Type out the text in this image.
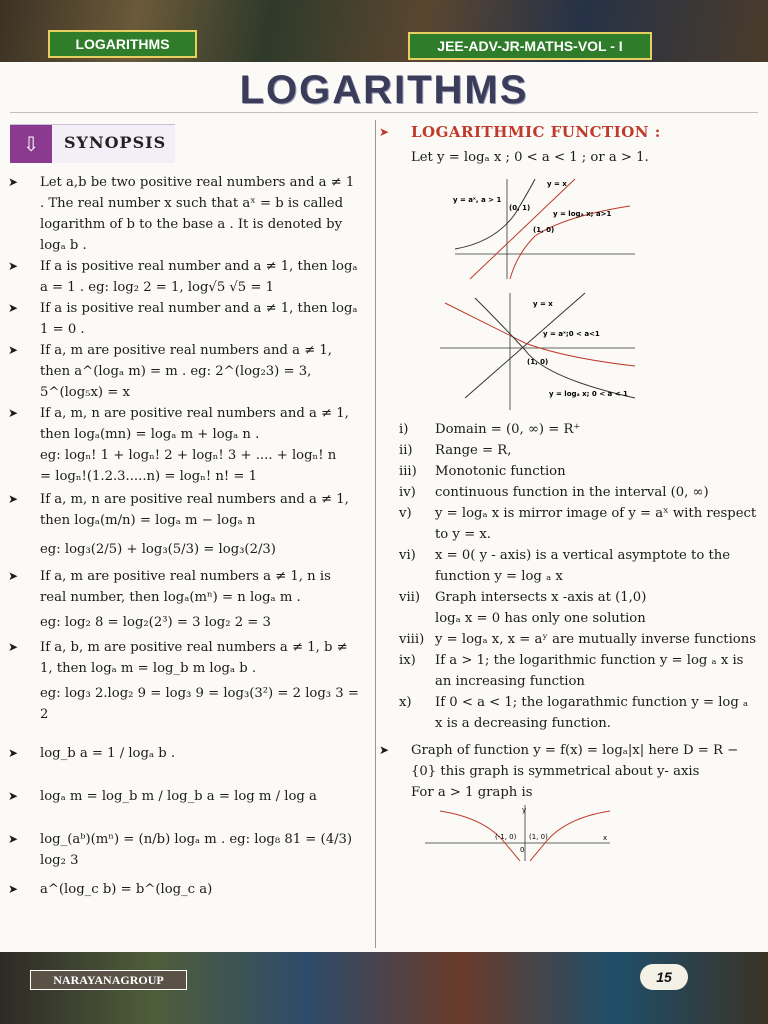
LOGARITHMS	JEE-ADV-JR-MATHS-VOL - I
LOGARITHMS
⇩	SYNOPSIS
➤ Let a,b be two positive real numbers and a ≠ 1 . The real number x such that aˣ = b is called logarithm of b to the base a . It is denoted by logₐ b .
➤ If a is positive real number and a ≠ 1, then logₐ a = 1 . eg: log₂ 2 = 1, log√5 √5 = 1
➤ If a is positive real number and a ≠ 1, then logₐ 1 = 0 .
➤ If a, m are positive real numbers and a ≠ 1, then a^(logₐ m) = m . eg: 2^(log₂3) = 3, 5^(log₅x) = x
➤ If a, m, n are positive real numbers and a ≠ 1, then logₐ(mn) = logₐ m + logₐ n .
eg: logₙ! 1 + logₙ! 2 + logₙ! 3 + .... + logₙ! n
= logₙ!(1.2.3.....n) = logₙ! n! = 1
➤ If a, m, n are positive real numbers and a ≠ 1, then logₐ(m/n) = logₐ m − logₐ n
eg: log₃(2/5) + log₃(5/3) = log₃(2/3)
➤ If a, m are positive real numbers a ≠ 1, n is real number, then logₐ(mⁿ) = n logₐ m .
eg: log₂ 8 = log₂(2³) = 3 log₂ 2 = 3
➤ If a, b, m are positive real numbers a ≠ 1, b ≠ 1, then logₐ m = log_b m logₐ b .
eg: log₃ 2.log₂ 9 = log₃ 9 = log₃(3²) = 2 log₃ 3 = 2
➤ log_b a = 1 / logₐ b .
➤ logₐ m = log_b m / log_b a = log m / log a
➤ log_(aᵇ)(mⁿ) = (n/b) logₐ m . eg: log₈ 81 = (4/3) log₂ 3
➤ a^(log_c b) = b^(log_c a)
➤ LOGARITHMIC FUNCTION :
Let y = logₐ x ; 0 < a < 1 ; or a > 1.
y = x
y = aˣ, a > 1
(0, 1)
y = logₐ x; a>1
(1, 0)
y = x
y = aˣ;0 < a<1
(1, 0)
y = logₐ x; 0 < a < 1
i) Domain = (0, ∞) = R⁺
ii) Range = R,
iii) Monotonic function
iv) continuous function in the interval (0, ∞)
v) y = logₐ x is mirror image of y = aˣ with respect to y = x.
vi) x = 0( y - axis) is a vertical asymptote to the function y = log ₐ x
vii) Graph intersects x -axis at (1,0)
logₐ x = 0 has only one solution
viii) y = logₐ x, x = aʸ are mutually inverse functions
ix) If a > 1; the logarithmic function y = log ₐ x is an increasing function
x) If 0 < a < 1; the logarathmic function y = log ₐ x is a decreasing function.
➤ Graph of function y = f(x) = logₐ|x| here D = R − {0} this graph is symmetrical about y- axis
For a > 1 graph is
y
(-1, 0) (1, 0)	x
0
NARAYANAGROUP	15
